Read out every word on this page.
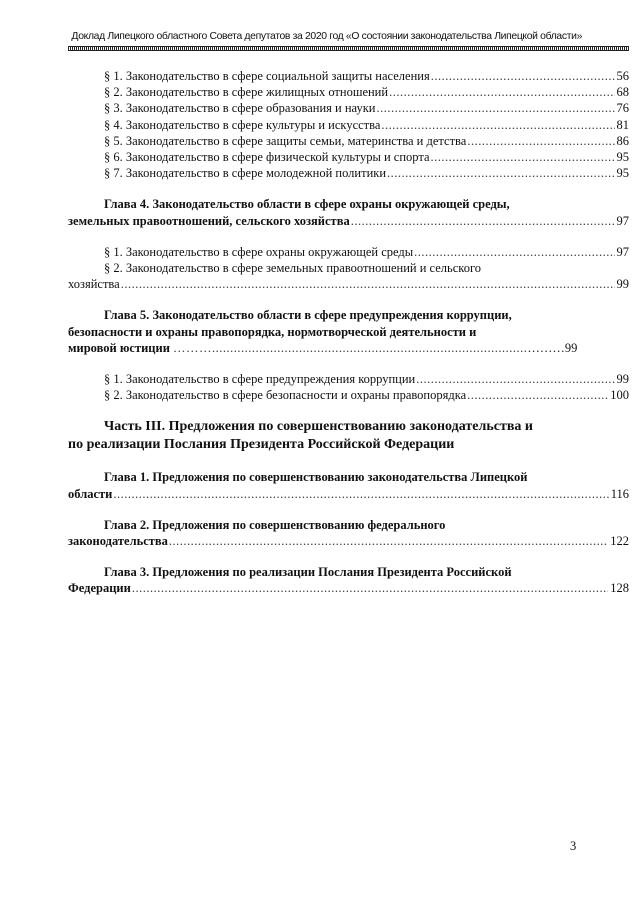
Доклад Липецкого областного Совета депутатов за 2020 год «О состоянии законодательства Липецкой области»
§ 1. Законодательство в сфере социальной защиты населения .....	56
§ 2. Законодательство в сфере жилищных отношений .....	68
§ 3. Законодательство в сфере образования и науки .....	76
§ 4. Законодательство в сфере культуры и искусства .....	81
§ 5. Законодательство в сфере защиты семьи, материнства и детства .....	86
§ 6. Законодательство в сфере физической культуры и спорта .....	95
§ 7. Законодательство в сфере молодежной политики .....	95
Глава 4. Законодательство области в сфере охраны окружающей среды,
земельных правоотношений, сельского хозяйства .....	97
§ 1. Законодательство в сфере охраны окружающей среды .....	97
§ 2. Законодательство в сфере земельных правоотношений и сельского
хозяйства .....	99
Глава 5. Законодательство области в сфере предупреждения коррупции,
безопасности и охраны правопорядка, нормотворческой деятельности и
мировой юстиции ……….......................................................................................………99
§ 1. Законодательство в сфере предупреждения коррупции .....	99
§ 2. Законодательство в сфере безопасности и охраны правопорядка .....	100
Часть III. Предложения по совершенствованию законодательства и
по реализации Послания Президента Российской Федерации
Глава 1. Предложения по совершенствованию законодательства Липецкой
области .....	116
Глава 2. Предложения по совершенствованию федерального
законодательства .....	122
Глава 3. Предложения по реализации Послания Президента Российской
Федерации .....	128
3
